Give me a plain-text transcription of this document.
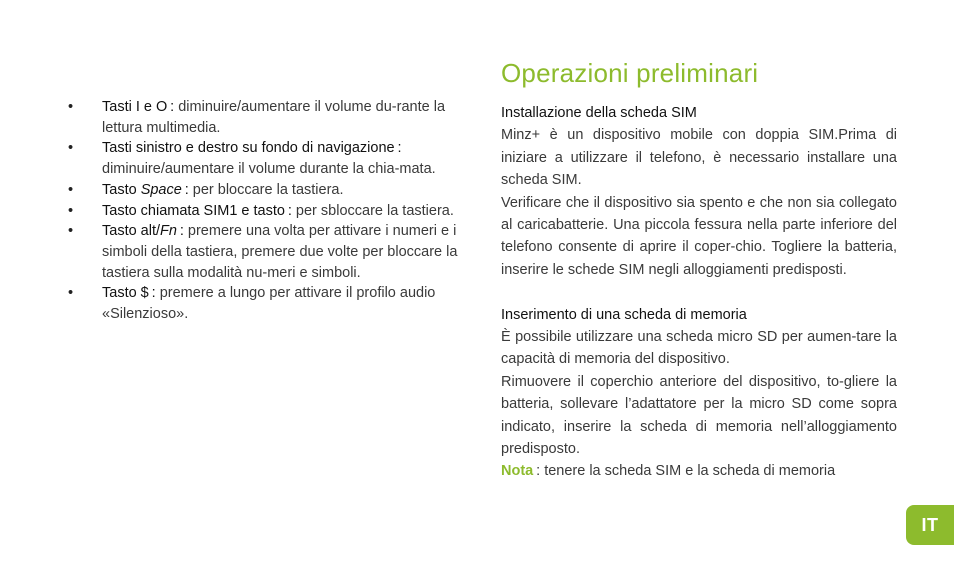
• Tasti I e O : diminuire/aumentare il volume du-rante la lettura multimedia.
• Tasti sinistro e destro su fondo di navigazione : diminuire/aumentare il volume durante la chia-mata.
• Tasto Space : per bloccare la tastiera.
• Tasto chiamata SIM1 e tasto : per sbloccare la tastiera.
• Tasto alt/Fn : premere una volta per attivare i numeri e i simboli della tastiera, premere due volte per bloccare la tastiera sulla modalità nu-meri e simboli.
• Tasto $ : premere a lungo per attivare il profilo audio «Silenzioso».
Operazioni preliminari
Installazione della scheda SIM

Minz+ è un dispositivo mobile con doppia SIM.Prima di iniziare a utilizzare il telefono, è necessario installare una scheda SIM.

Verificare che il dispositivo sia spento e che non sia collegato al caricabatterie. Una piccola fessura nella parte inferiore del telefono consente di aprire il coper-chio. Togliere la batteria, inserire le schede SIM negli alloggiamenti predisposti.

Inserimento di una scheda di memoria

È possibile utilizzare una scheda micro SD per aumen-tare la capacità di memoria del dispositivo.

Rimuovere il coperchio anteriore del dispositivo, to-gliere la batteria, sollevare l’adattatore per la micro SD come sopra indicato, inserire la scheda di memoria nell’alloggiamento predisposto.

Nota : tenere la scheda SIM e la scheda di memoria

IT
